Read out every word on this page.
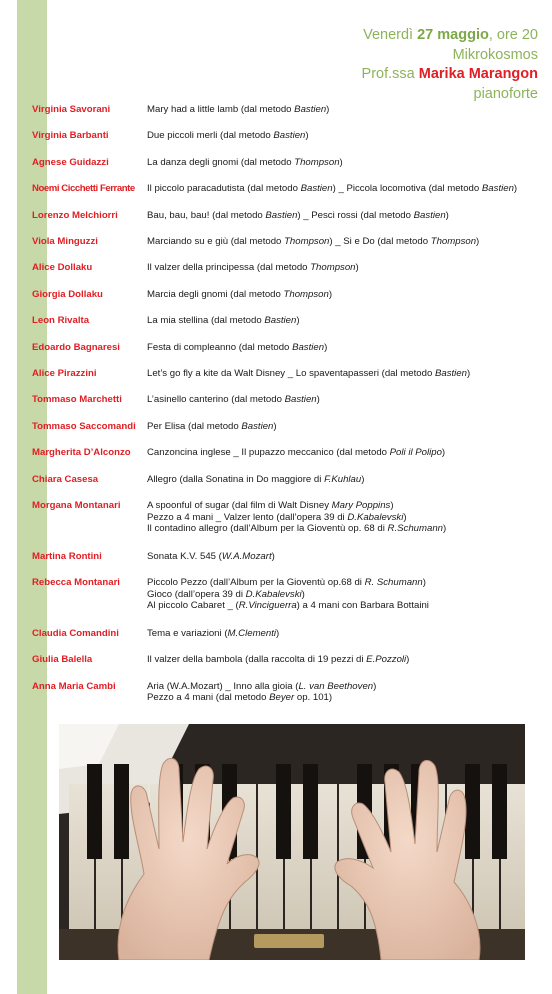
Venerdì 27 maggio, ore 20
Mikrokosmos
Prof.ssa Marika Marangon
pianoforte
Virginia Savorani	Mary had a little lamb (dal metodo Bastien)
Virginia Barbanti	Due piccoli merli (dal metodo Bastien)
Agnese Guidazzi	La danza degli gnomi (dal metodo Thompson)
Noemi Cicchetti Ferrante	Il piccolo paracadutista (dal metodo Bastien) _ Piccola locomotiva (dal metodo Bastien)
Lorenzo Melchiorri	Bau, bau, bau! (dal metodo Bastien) _ Pesci rossi (dal metodo Bastien)
Viola Minguzzi	Marciando su e giù (dal metodo Thompson) _ Si e Do (dal metodo Thompson)
Alice Dollaku	Il valzer della principessa (dal metodo Thompson)
Giorgia Dollaku	Marcia degli gnomi (dal metodo Thompson)
Leon Rivalta	La mia stellina (dal metodo Bastien)
Edoardo Bagnaresi	Festa di compleanno (dal metodo Bastien)
Alice Pirazzini	Let’s go fly a kite da Walt Disney _ Lo spaventapasseri (dal metodo Bastien)
Tommaso Marchetti	L’asinello canterino (dal metodo Bastien)
Tommaso Saccomandi	Per Elisa (dal metodo Bastien)
Margherita D’Alconzo	Canzoncina inglese _ Il pupazzo meccanico (dal metodo Poli il Polipo)
Chiara Casesa	Allegro (dalla Sonatina in Do maggiore di F.Kuhlau)
Morgana Montanari	A spoonful of sugar (dal film di Walt Disney Mary Poppins)
Pezzo a 4 mani _ Valzer lento (dall’opera 39 di D.Kabalevski)
Il contadino allegro (dall’Album per la Gioventù op. 68 di R.Schumann)
Martina Rontini	Sonata K.V. 545 (W.A.Mozart)
Rebecca Montanari	Piccolo Pezzo (dall’Album per la Gioventù op.68 di R. Schumann)
Gioco (dall’opera 39 di D.Kabalevski)
Al piccolo Cabaret _ (R.Vinciguerra) a 4 mani con Barbara Bottaini
Claudia Comandini	Tema e variazioni (M.Clementi)
Giulia Balella	Il valzer della bambola (dalla raccolta di 19 pezzi di E.Pozzoli)
Anna Maria Cambi	Aria (W.A.Mozart) _ Inno alla gioia (L. van Beethoven)
Pezzo a 4 mani (dal metodo Beyer op. 101)
